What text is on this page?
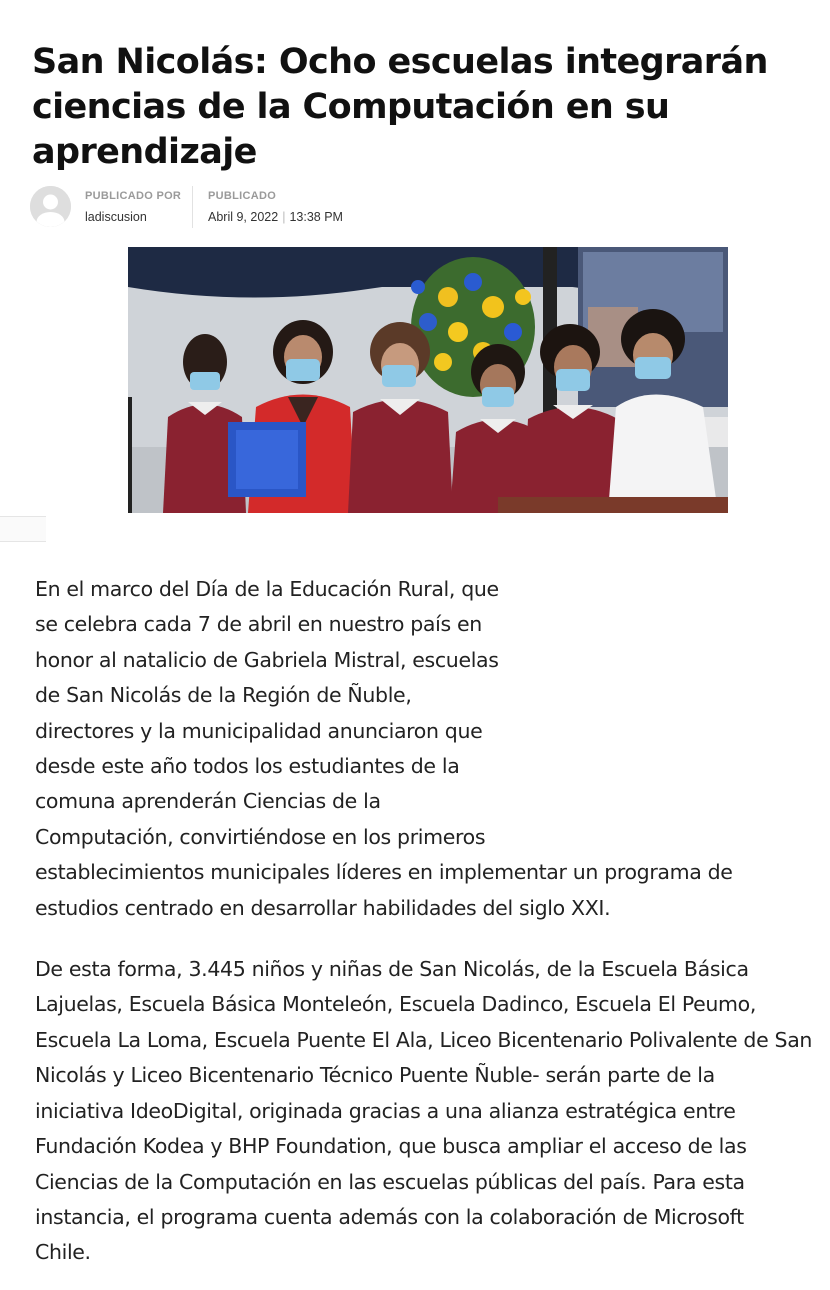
San Nicolás: Ocho escuelas integrarán
ciencias de la Computación en su
aprendizaje
PUBLICADO POR
ladiscusion
PUBLICADO
Abril 9, 2022 | 13:38 PM

En el marco del Día de la Educación Rural, que
se celebra cada 7 de abril en nuestro país en
honor al natalicio de Gabriela Mistral, escuelas
de San Nicolás de la Región de Ñuble,
directores y la municipalidad anunciaron que
desde este año todos los estudiantes de la
comuna aprenderán Ciencias de la
Computación, convirtiéndose en los primeros
establecimientos municipales líderes en implementar un programa de
estudios centrado en desarrollar habilidades del siglo XXI.

De esta forma, 3.445 niños y niñas de San Nicolás, de la Escuela Básica
Lajuelas, Escuela Básica Monteleón, Escuela Dadinco, Escuela El Peumo,
Escuela La Loma, Escuela Puente El Ala, Liceo Bicentenario Polivalente de San
Nicolás y Liceo Bicentenario Técnico Puente Ñuble- serán parte de la
iniciativa IdeoDigital, originada gracias a una alianza estratégica entre
Fundación Kodea y BHP Foundation, que busca ampliar el acceso de las
Ciencias de la Computación en las escuelas públicas del país. Para esta
instancia, el programa cuenta además con la colaboración de Microsoft
Chile.
